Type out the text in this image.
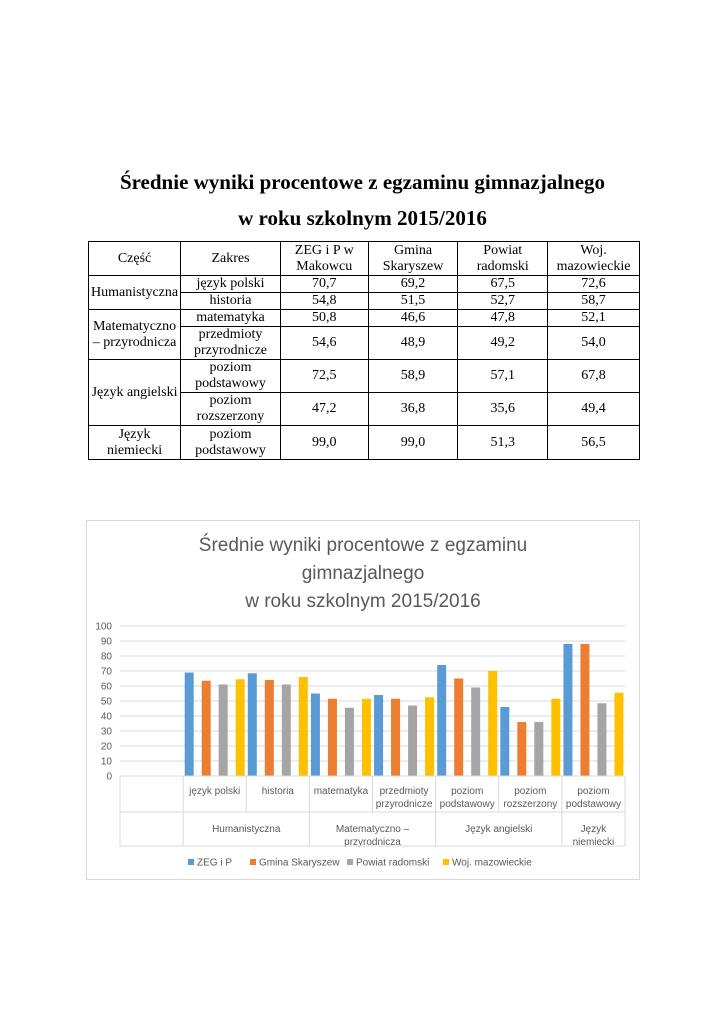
Średnie wyniki procentowe z egzaminu gimnazjalnego
w roku szkolnym 2015/2016
Część	Zakres	ZEG i P w Makowcu	Gmina Skaryszew	Powiat radomski	Woj. mazowieckie
Humanistyczna	język polski	70,7	69,2	67,5	72,6
	historia	54,8	51,5	52,7	58,7
Matematyczno – przyrodnicza	matematyka	50,8	46,6	47,8	52,1
	przedmioty przyrodnicze	54,6	48,9	49,2	54,0
Język angielski	poziom podstawowy	72,5	58,9	57,1	67,8
	poziom rozszerzony	47,2	36,8	35,6	49,4
Język niemiecki	poziom podstawowy	99,0	99,0	51,3	56,5
Średnie wyniki procentowe z egzaminu
gimnazjalnego
w roku szkolnym 2015/2016
0
10
20
30
40
50
60
70
80
90
100
język polski historia matematyka przedmioty
przyrodnicze
poziom
podstawowy
poziom
rozszerzony
poziom
podstawowy
Humanistyczna	Matematyczno –
przyrodnicza
Język angielski	Język
niemiecki
ZEG i P	Gmina Skaryszew Powiat radomski Woj. mazowieckie
